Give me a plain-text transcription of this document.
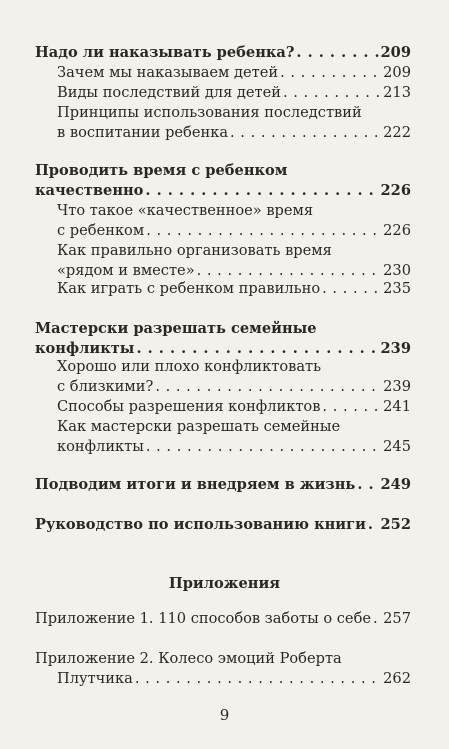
Надо ли наказывать ребенка? . . .	209
Зачем мы наказываем детей . . .	209
Виды последствий для детей . . .	213
Принципы использования последствий
в воспитании ребенка . . .	222
Проводить время с ребенком
качественно . . .	226
Что такое «качественное» время
с ребенком . . .	226
Как правильно организовать время
«рядом и вместе» . . .	230
Как играть с ребенком правильно . . .	235
Мастерски разрешать семейные
конфликты . . .	239
Хорошо или плохо конфликтовать
с близкими? . . .	239
Способы разрешения конфликтов . . .	241
Как мастерски разрешать семейные
конфликты . . .	245
Подводим итоги и внедряем в жизнь . . . 249
Руководство по использованию книги . . . 252
Приложение 1. 110 способов заботы о себе . . . 257
Приложение 2. Колесо эмоций Роберта
Плутчика . . .	262
Приложения
9
